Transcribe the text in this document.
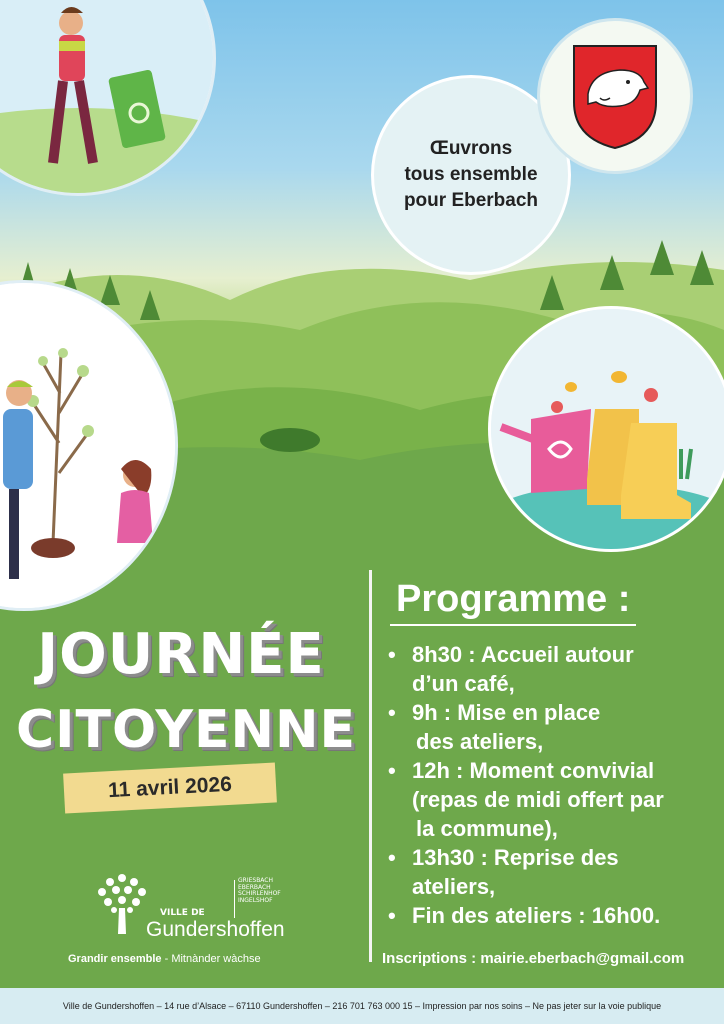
Œuvrons
tous ensemble
pour Eberbach
JOURNÉE
CITOYENNE
11 avril 2026
Programme :
• 8h30 : Accueil autour
d’un café,
• 9h : Mise en place
des ateliers,
• 12h : Moment convivial
(repas de midi offert par
la commune),
• 13h30 : Reprise des
ateliers,
• Fin des ateliers : 16h00.
Inscriptions : mairie.eberbach@gmail.com
VILLE DE
Gundershoffen
GRIESBACH
EBERBACH
SCHIRLENHOF
INGELSHOF
Grandir ensemble - Mitnànder wàchse
Ville de Gundershoffen – 14 rue d’Alsace – 67110 Gundershoffen – 216 701 763 000 15 – Impression par nos soins – Ne pas jeter sur la voie publique
